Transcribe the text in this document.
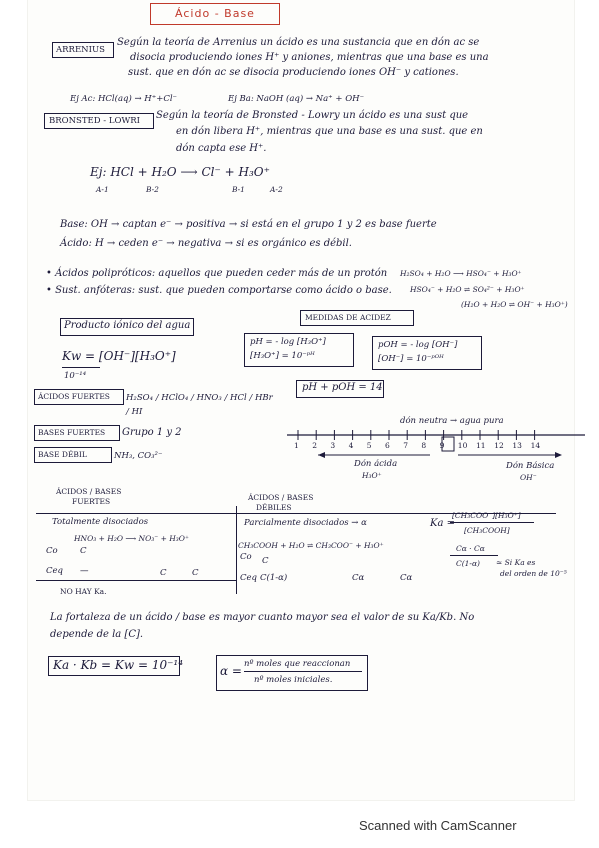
Ácido - Base
ARRENIUS
Según la teoría de Arrenius un ácido es una sustancia que en dón ac se
disocia produciendo iones H⁺ y aniones, mientras que una base es una
sust. que en dón ac se disocia produciendo iones OH⁻ y cationes.
Ej Ac: HCl(aq) → H⁺+Cl⁻	Ej Ba: NaOH (aq) → Na⁺ + OH⁻
BRONSTED - LOWRI Según la teoría de Bronsted - Lowry un ácido es una sust que
en dón libera H⁺, mientras que una base es una sust. que en
dón capta ese H⁺.
Ej: HCl + H₂O ⟶ Cl⁻ + H₃O⁺
A-1	B-2	B-1	A-2
Base: OH → captan e⁻ → positiva → si está en el grupo 1 y 2 es base fuerte
Ácido: H → ceden e⁻ → negativa → si es orgánico es débil.
• Ácidos polipróticos: aquellos que pueden ceder más de un protón
• Sust. anfóteras: sust. que pueden comportarse como ácido o base.
H₂SO₄ + H₂O ⟶ HSO₄⁻ + H₃O⁺
HSO₄⁻ + H₂O ⇌ SO₄²⁻ + H₃O⁺
(H₂O + H₂O ⇌ OH⁻ + H₃O⁺)
Producto iónico del agua
Kw = [OH⁻][H₃O⁺]
10⁻¹⁴
MEDIDAS DE ACIDEZ
pH = - log [H₃O⁺]
[H₃O⁺] = 10⁻ᵖᴴ
pOH = - log [OH⁻]
[OH⁻] = 10⁻ᵖᴼᴴ
pH + pOH = 14
ÁCIDOS FUERTES H₂SO₄ / HClO₄ / HNO₃ / HCl / HBr / HI
BASES FUERTES Grupo 1 y 2
BASE DÉBIL	NH₃, CO₃²⁻
dón neutra → agua pura
1 2 3 4 5 6 7 8 9 10 11 12 13 14
Dón ácida
H₃O⁺
Dón Básica
OH⁻
ÁCIDOS / BASES
FUERTES	ÁCIDOS / BASES
DÉBILES
Totalmente disociados
HNO₃ + H₂O ⟶ NO₃⁻ + H₃O⁺
Co	C
Ceq —	C	C
NO HAY Ka.
Parcialmente disociados → α
CH₃COOH + H₂O ⇌ CH₃COO⁻ + H₃O⁺
Co C
Ceq C(1-α)	Cα	Cα
Ka =
[CH₃COO⁻][H₃O⁺]
[CH₃COOH]
Cα · Cα
C(1-α) ≃ Si Ka es
del orden de 10⁻⁵
La fortaleza de un ácido / base es mayor cuanto mayor sea el valor de su Ka/Kb. No
depende de la [C].
Ka · Kb = Kw = 10⁻¹⁴	α = nº moles que reaccionan
nº moles iniciales.
Scanned with CamScanner
